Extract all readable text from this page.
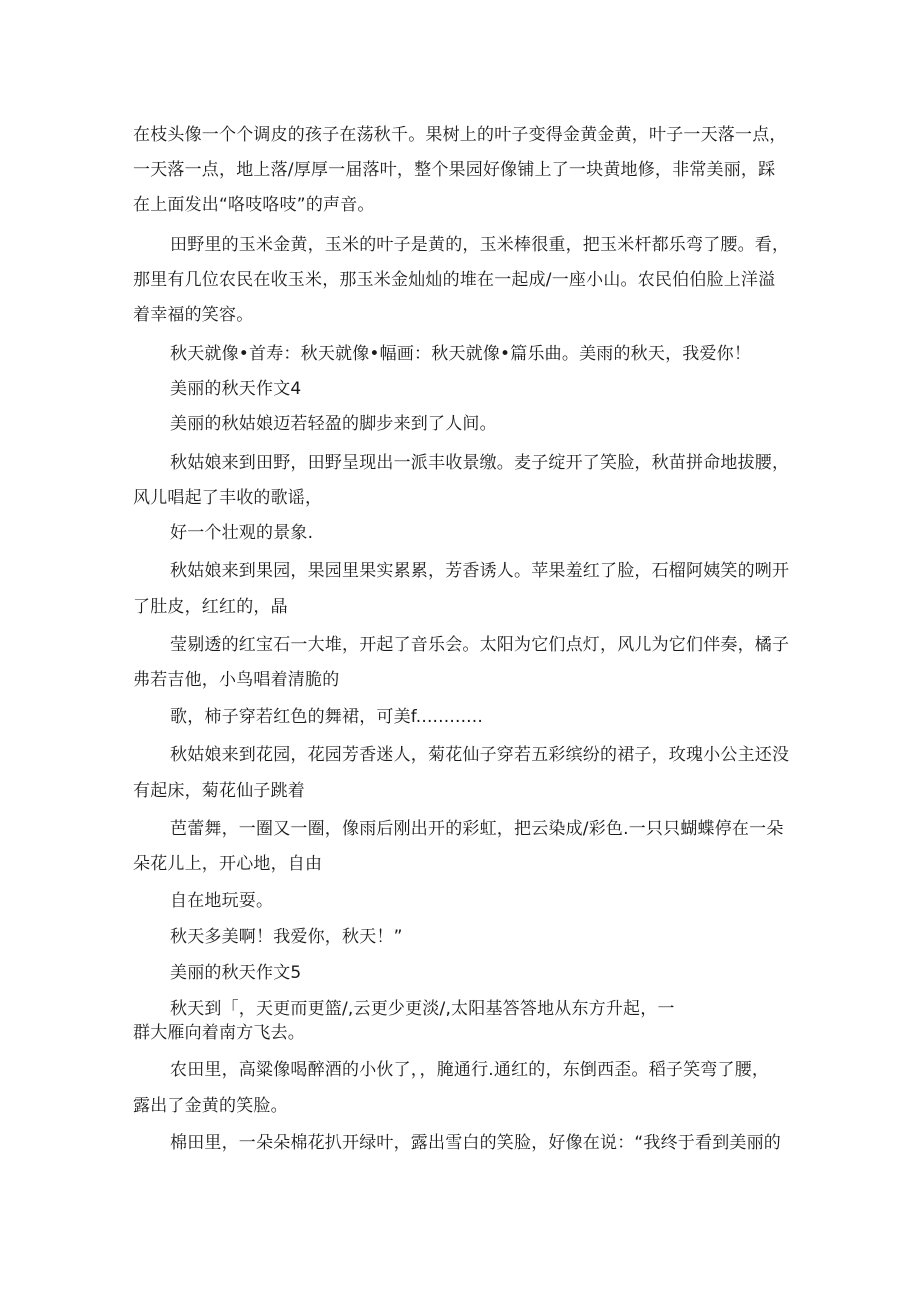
在枝头像一个个调皮的孩子在荡秋千。果树上的叶子变得金黄金黄，叶子一天落一点，
一天落一点，地上落/厚厚一届落叶，整个果园好像铺上了一块黄地修，非常美丽，踩
在上面发出“咯吱咯吱”的声音。
田野里的玉米金黄，玉米的叶子是黄的，玉米棒很重，把玉米杆都乐弯了腰。看，
那里有几位农民在收玉米，那玉米金灿灿的堆在一起成/一座小山。农民伯伯脸上洋溢
着幸福的笑容。
秋天就像•首寿：秋天就像•幅画：秋天就像•篇乐曲。美雨的秋天，我爱你！
美丽的秋天作文4
美丽的秋姑娘迈若轻盈的脚步来到了人间。
秋姑娘来到田野，田野呈现出一派丰收景缴。麦子绽开了笑脸，秋苗拼命地拔腰，
风儿唱起了丰收的歌谣，
好一个壮观的景象.
秋姑娘来到果园，果园里果实累累，芳香诱人。苹果羞红了脸，石榴阿姨笑的咧开
了肚皮，红红的，晶
莹剔透的红宝石一大堆，开起了音乐会。太阳为它们点灯，风儿为它们伴奏，橘子
弗若吉他，小鸟唱着清脆的
歌，柿子穿若红色的舞裙，可美f............
秋姑娘来到花园，花园芳香迷人，菊花仙子穿若五彩缤纷的裙子，玫瑰小公主还没
有起床，菊花仙子跳着
芭蕾舞，一圈又一圈，像雨后刚出开的彩虹，把云染成/彩色.一只只蝴蝶停在一朵
朵花儿上，开心地，自由
自在地玩耍。
秋天多美啊！我爱你，秋天！”
美丽的秋天作文5
秋天到「，天更而更篮/,云更少更淡/,太阳基答答地从东方升起，一
群大雁向着南方飞去。
农田里，高粱像喝醉酒的小伙了，，腌通行.通红的，东倒西歪。稻子笑弯了腰，
露出了金黄的笑脸。
棉田里，一朵朵棉花扒开绿叶，露出雪白的笑脸，好像在说：“我终于看到美丽的
